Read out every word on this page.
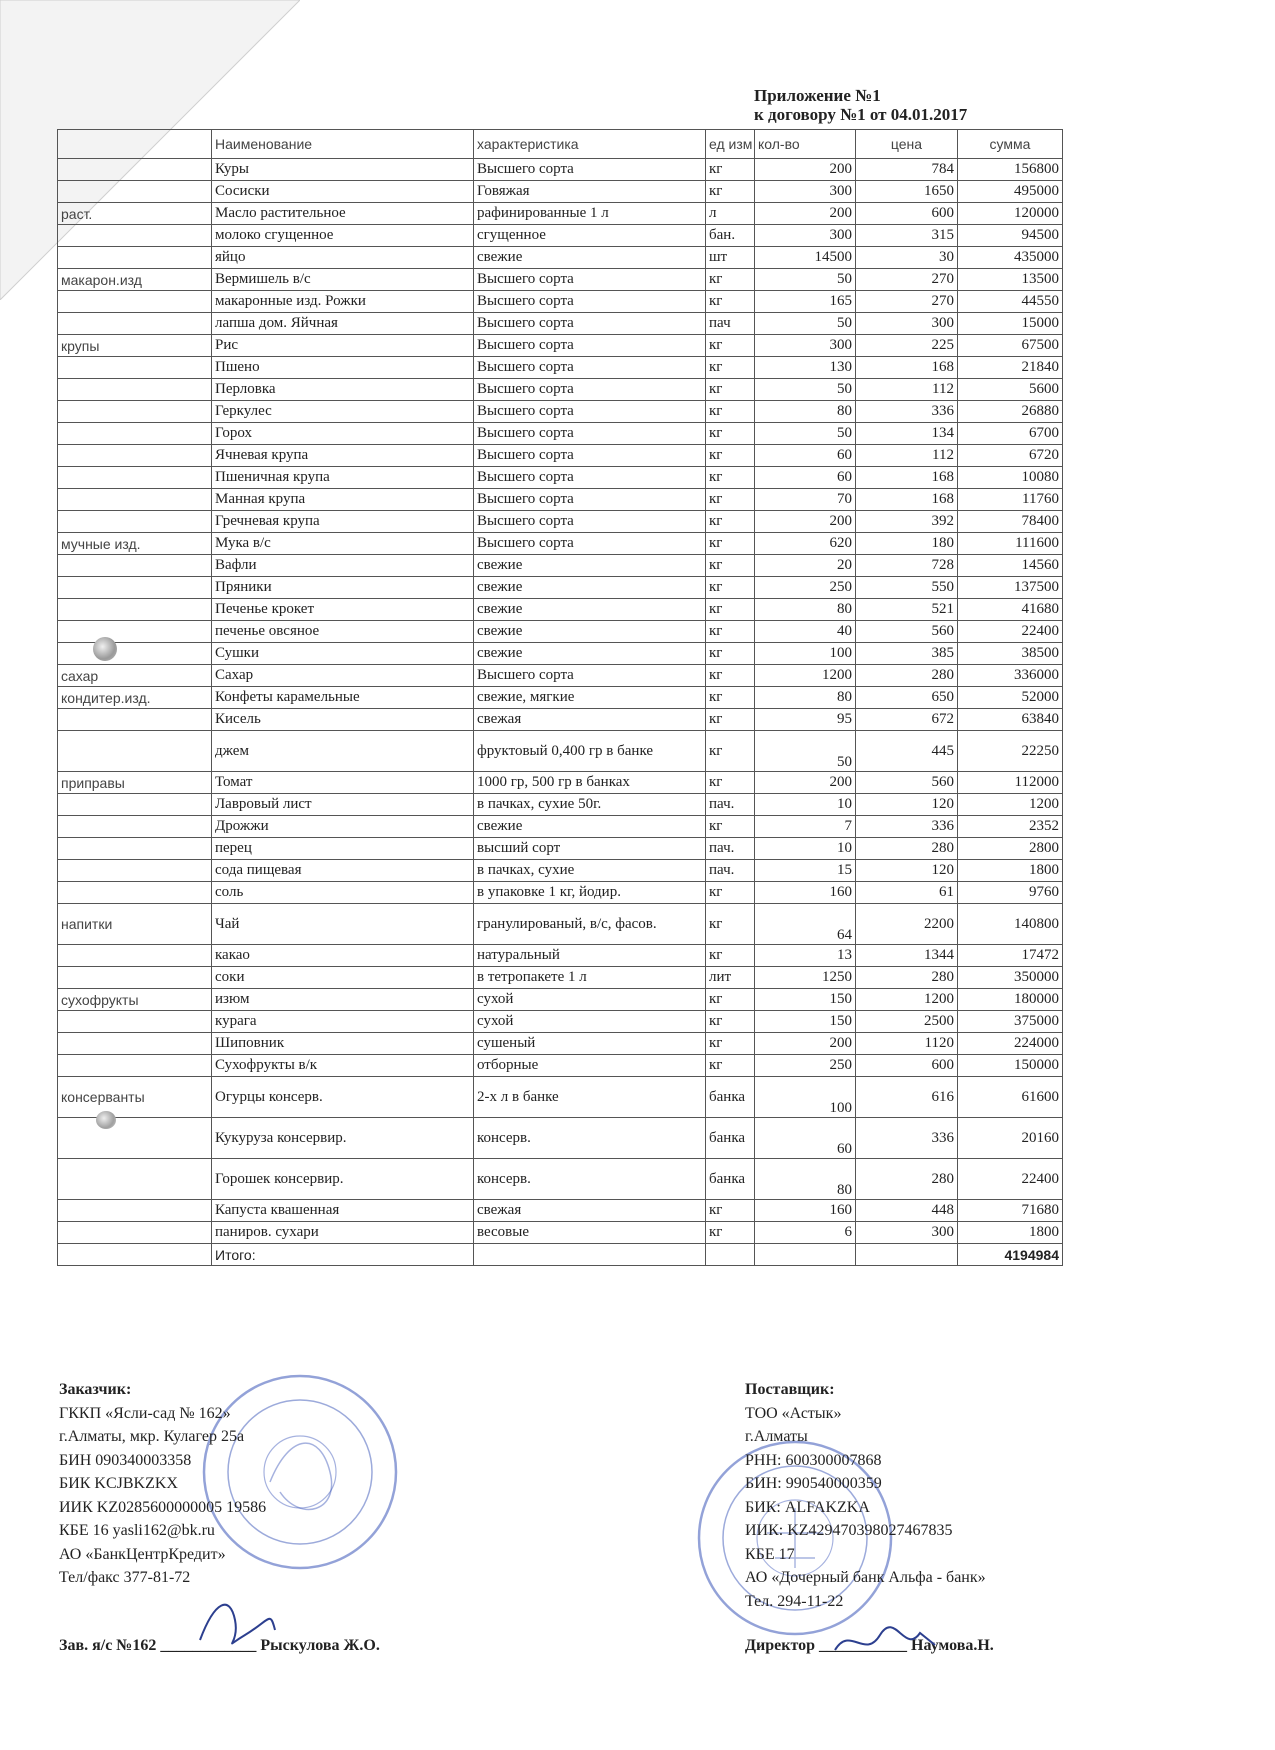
Приложение №1
к договору №1 от 04.01.2017
	Наименование	характеристика	ед изм	кол-во	цена	сумма
	Куры	Высшего сорта	кг	200	784	156800
	Сосиски	Говяжая	кг	300	1650	495000
раст.	Масло растительное	рафинированные 1 л	л	200	600	120000
	молоко сгущенное	сгущенное	бан.	300	315	94500
	яйцо	свежие	шт	14500	30	435000
макарон.изд	Вермишель в/с	Высшего сорта	кг	50	270	13500
	макаронные изд. Рожки	Высшего сорта	кг	165	270	44550
	лапша дом. Яйчная	Высшего сорта	пач	50	300	15000
крупы	Рис	Высшего сорта	кг	300	225	67500
	Пшено	Высшего сорта	кг	130	168	21840
	Перловка	Высшего сорта	кг	50	112	5600
	Геркулес	Высшего сорта	кг	80	336	26880
	Горох	Высшего сорта	кг	50	134	6700
	Ячневая крупа	Высшего сорта	кг	60	112	6720
	Пшеничная крупа	Высшего сорта	кг	60	168	10080
	Манная крупа	Высшего сорта	кг	70	168	11760
	Гречневая крупа	Высшего сорта	кг	200	392	78400
мучные изд.	Мука в/с	Высшего сорта	кг	620	180	111600
	Вафли	свежие	кг	20	728	14560
	Пряники	свежие	кг	250	550	137500
	Печенье крокет	свежие	кг	80	521	41680
	печенье овсяное	свежие	кг	40	560	22400
	Сушки	свежие	кг	100	385	38500
сахар	Сахар	Высшего сорта	кг	1200	280	336000
кондитер.изд.	Конфеты карамельные	свежие, мягкие	кг	80	650	52000
	Кисель	свежая	кг	95	672	63840
	джем	фруктовый 0,400 гр в банке	кг	50	445	22250
приправы	Томат	1000 гр, 500 гр в банках	кг	200	560	112000
	Лавровый лист	в пачках, сухие 50г.	пач.	10	120	1200
	Дрожжи	свежие	кг	7	336	2352
	перец	высший сорт	пач.	10	280	2800
	сода пищевая	в пачках, сухие	пач.	15	120	1800
	соль	в упаковке 1 кг, йодир.	кг	160	61	9760
напитки	Чай	гранулированый, в/с, фасов.	кг	64	2200	140800
	какао	натуральный	кг	13	1344	17472
	соки	в тетропакете 1 л	лит	1250	280	350000
сухофрукты	изюм	сухой	кг	150	1200	180000
	курага	сухой	кг	150	2500	375000
	Шиповник	сушеный	кг	200	1120	224000
	Сухофрукты в/к	отборные	кг	250	600	150000
консерванты	Огурцы консерв.	2-х л в банке	банка	100	616	61600
	Кукуруза консервир.	консерв.	банка	60	336	20160
	Горошек консервир.	консерв.	банка	80	280	22400
	Капуста квашенная	свежая	кг	160	448	71680
	паниров. сухари	весовые	кг	6	300	1800
	Итого:					4194984
Заказчик:
ГККП «Ясли-сад № 162»
г.Алматы, мкр. Кулагер 25а
БИН 090340003358
БИК KCJBKZKX
ИИК KZ0285600000005 19586
КБЕ 16 yasli162@bk.ru
АО «БанкЦентрКредит»
Тел/факс 377-81-72
Зав. я/с №162 ____________ Рыскулова Ж.О.
Поставщик:
ТОО «Астык»
г.Алматы
РНН: 600300007868
БИН: 990540000359
БИК: ALFAKZKA
ИИК: KZ429470398027467835
КБЕ 17
АО «Дочерный банк Альфа - банк»
Тел. 294-11-22
Директор ___________ Наумова.Н.
